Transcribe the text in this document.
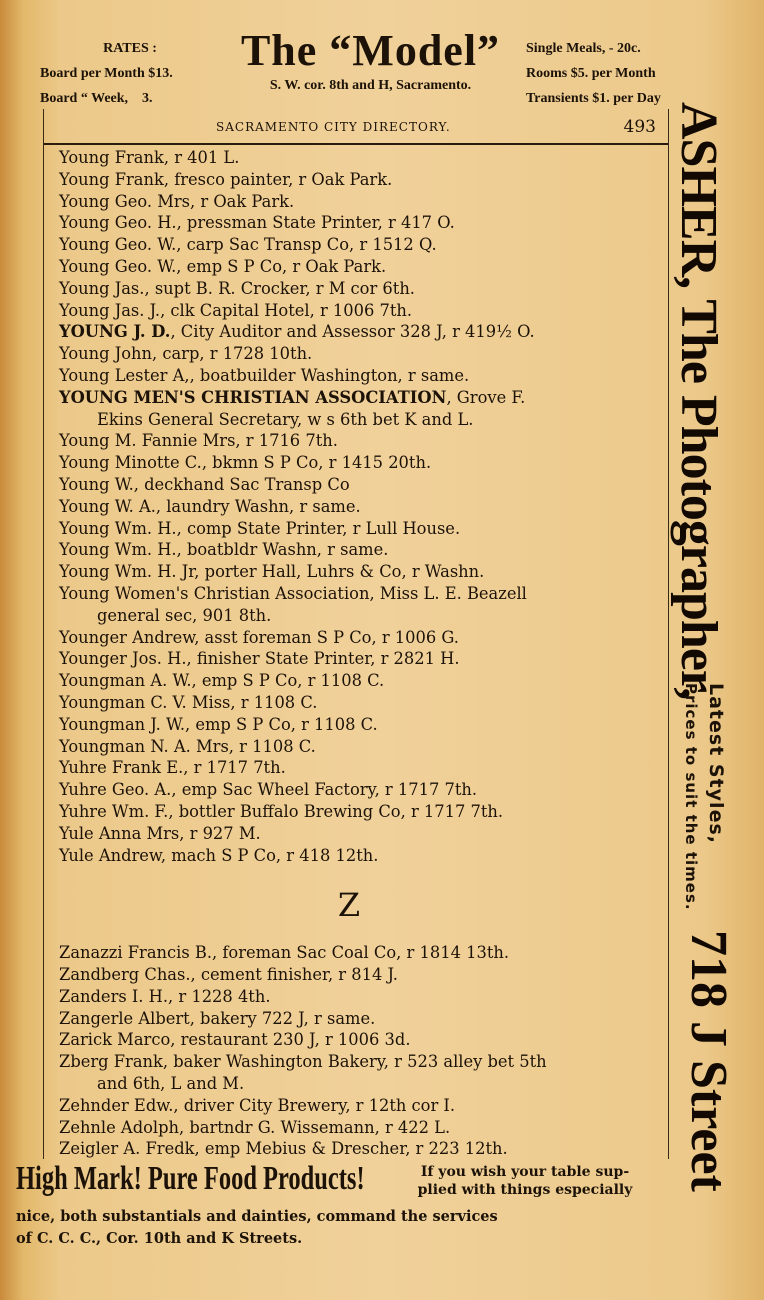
RATES :
Board per Month $13.
Board “ Week,    3.
The “Model”
S. W. cor. 8th and H, Sacramento.
Single Meals, - 20c.
Rooms $5. per Month
Transients $1. per Day
SACRAMENTO CITY DIRECTORY.	493
Young Frank, r 401 L.
Young Frank, fresco painter, r Oak Park.
Young Geo. Mrs, r Oak Park.
Young Geo. H., pressman State Printer, r 417 O.
Young Geo. W., carp Sac Transp Co, r 1512 Q.
Young Geo. W., emp S P Co, r Oak Park.
Young Jas., supt B. R. Crocker, r M cor 6th.
Young Jas. J., clk Capital Hotel, r 1006 7th.
YOUNG J. D., City Auditor and Assessor 328 J, r 419½ O.
Young John, carp, r 1728 10th.
Young Lester A,, boatbuilder Washington, r same.
YOUNG MEN'S CHRISTIAN ASSOCIATION, Grove F.
Ekins General Secretary, w s 6th bet K and L.
Young M. Fannie Mrs, r 1716 7th.
Young Minotte C., bkmn S P Co, r 1415 20th.
Young W., deckhand Sac Transp Co
Young W. A., laundry Washn, r same.
Young Wm. H., comp State Printer, r Lull House.
Young Wm. H., boatbldr Washn, r same.
Young Wm. H. Jr, porter Hall, Luhrs & Co, r Washn.
Young Women's Christian Association, Miss L. E. Beazell
general sec, 901 8th.
Younger Andrew, asst foreman S P Co, r 1006 G.
Younger Jos. H., finisher State Printer, r 2821 H.
Youngman A. W., emp S P Co, r 1108 C.
Youngman C. V. Miss, r 1108 C.
Youngman J. W., emp S P Co, r 1108 C.
Youngman N. A. Mrs, r 1108 C.
Yuhre Frank E., r 1717 7th.
Yuhre Geo. A., emp Sac Wheel Factory, r 1717 7th.
Yuhre Wm. F., bottler Buffalo Brewing Co, r 1717 7th.
Yule Anna Mrs, r 927 M.
Yule Andrew, mach S P Co, r 418 12th.
Z
Zanazzi Francis B., foreman Sac Coal Co, r 1814 13th.
Zandberg Chas., cement finisher, r 814 J.
Zanders I. H., r 1228 4th.
Zangerle Albert, bakery 722 J, r same.
Zarick Marco, restaurant 230 J, r 1006 3d.
Zberg Frank, baker Washington Bakery, r 523 alley bet 5th
and 6th, L and M.
Zehnder Edw., driver City Brewery, r 12th cor I.
Zehnle Adolph, bartndr G. Wissemann, r 422 L.
Zeigler A. Fredk, emp Mebius & Drescher, r 223 12th.
ASHER, The Photographer,
Latest Styles,
Prices to suit the times.
718 J Street
High Mark! Pure Food Products!	If you wish your table sup-
plied with things especially
nice, both substantials and dainties, command the services
of C. C. C., Cor. 10th and K Streets.
